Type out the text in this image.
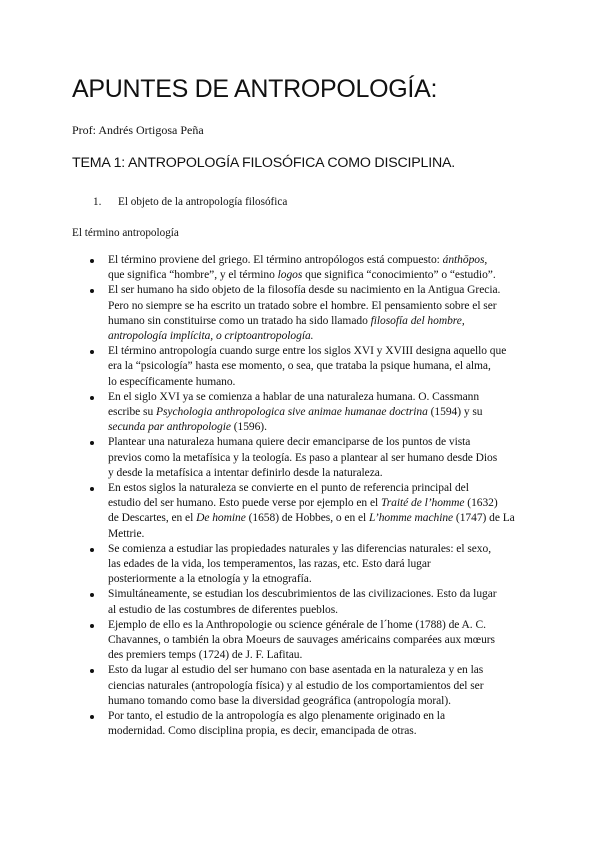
APUNTES DE ANTROPOLOGÍA:
Prof: Andrés Ortigosa Peña
TEMA 1: ANTROPOLOGÍA FILOSÓFICA COMO DISCIPLINA.
1. El objeto de la antropología filosófica
El término antropología
El término proviene del griego. El término antropólogos está compuesto: ánthōpos,
que significa “hombre”, y el término logos que significa “conocimiento” o “estudio”.
El ser humano ha sido objeto de la filosofía desde su nacimiento en la Antigua Grecia.
Pero no siempre se ha escrito un tratado sobre el hombre. El pensamiento sobre el ser
humano sin constituirse como un tratado ha sido llamado filosofía del hombre,
antropología implícita, o criptoantropología.
El término antropología cuando surge entre los siglos XVI y XVIII designa aquello que
era la “psicología” hasta ese momento, o sea, que trataba la psique humana, el alma,
lo específicamente humano.
En el siglo XVI ya se comienza a hablar de una naturaleza humana. O. Cassmann
escribe su Psychologia anthropologica sive animae humanae doctrina (1594) y su
secunda par anthropologie (1596).
Plantear una naturaleza humana quiere decir emanciparse de los puntos de vista
previos como la metafísica y la teología. Es paso a plantear al ser humano desde Dios
y desde la metafísica a intentar definirlo desde la naturaleza.
En estos siglos la naturaleza se convierte en el punto de referencia principal del
estudio del ser humano. Esto puede verse por ejemplo en el Traité de l’homme (1632)
de Descartes, en el De homine (1658) de Hobbes, o en el L’homme machine (1747) de La
Mettrie.
Se comienza a estudiar las propiedades naturales y las diferencias naturales: el sexo,
las edades de la vida, los temperamentos, las razas, etc. Esto dará lugar
posteriormente a la etnología y la etnografía.
Simultáneamente, se estudian los descubrimientos de las civilizaciones. Esto da lugar
al estudio de las costumbres de diferentes pueblos.
Ejemplo de ello es la Anthropologie ou science générale de l´home (1788) de A. C.
Chavannes, o también la obra Moeurs de sauvages américains comparées aux mœurs
des premiers temps (1724) de J. F. Lafitau.
Esto da lugar al estudio del ser humano con base asentada en la naturaleza y en las
ciencias naturales (antropología física) y al estudio de los comportamientos del ser
humano tomando como base la diversidad geográfica (antropología moral).
Por tanto, el estudio de la antropología es algo plenamente originado en la
modernidad. Como disciplina propia, es decir, emancipada de otras.
